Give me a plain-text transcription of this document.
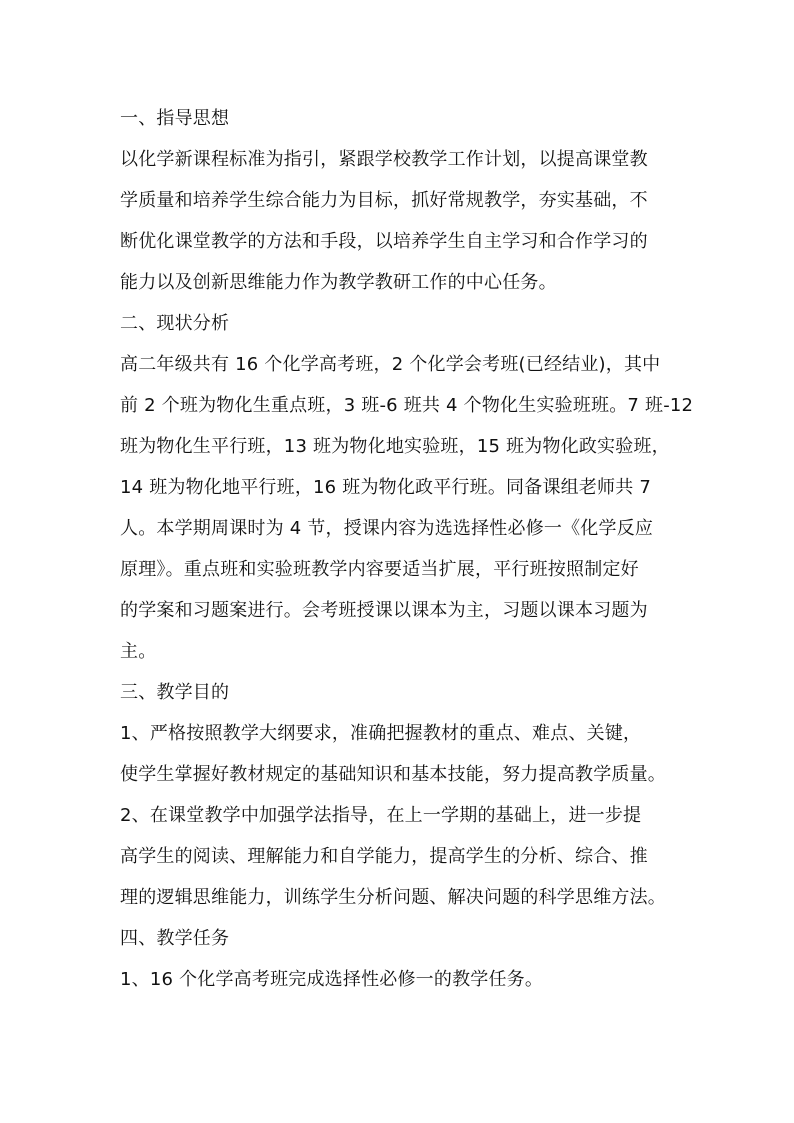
一、指导思想
以化学新课程标准为指引，紧跟学校教学工作计划，以提高课堂教
学质量和培养学生综合能力为目标，抓好常规教学，夯实基础，不
断优化课堂教学的方法和手段，以培养学生自主学习和合作学习的
能力以及创新思维能力作为教学教研工作的中心任务。
二、现状分析
高二年级共有 16 个化学高考班，2 个化学会考班(已经结业)，其中
前 2 个班为物化生重点班，3 班-6 班共 4 个物化生实验班班。7 班-12
班为物化生平行班，13 班为物化地实验班，15 班为物化政实验班，
14 班为物化地平行班，16 班为物化政平行班。同备课组老师共 7
人。本学期周课时为 4 节，授课内容为选选择性必修一《化学反应
原理》。重点班和实验班教学内容要适当扩展，平行班按照制定好
的学案和习题案进行。会考班授课以课本为主，习题以课本习题为
主。
三、教学目的
1、严格按照教学大纲要求，准确把握教材的重点、难点、关键，
使学生掌握好教材规定的基础知识和基本技能，努力提高教学质量。
2、在课堂教学中加强学法指导，在上一学期的基础上，进一步提
高学生的阅读、理解能力和自学能力，提高学生的分析、综合、推
理的逻辑思维能力，训练学生分析问题、解决问题的科学思维方法。
四、教学任务
1、16 个化学高考班完成选择性必修一的教学任务。
